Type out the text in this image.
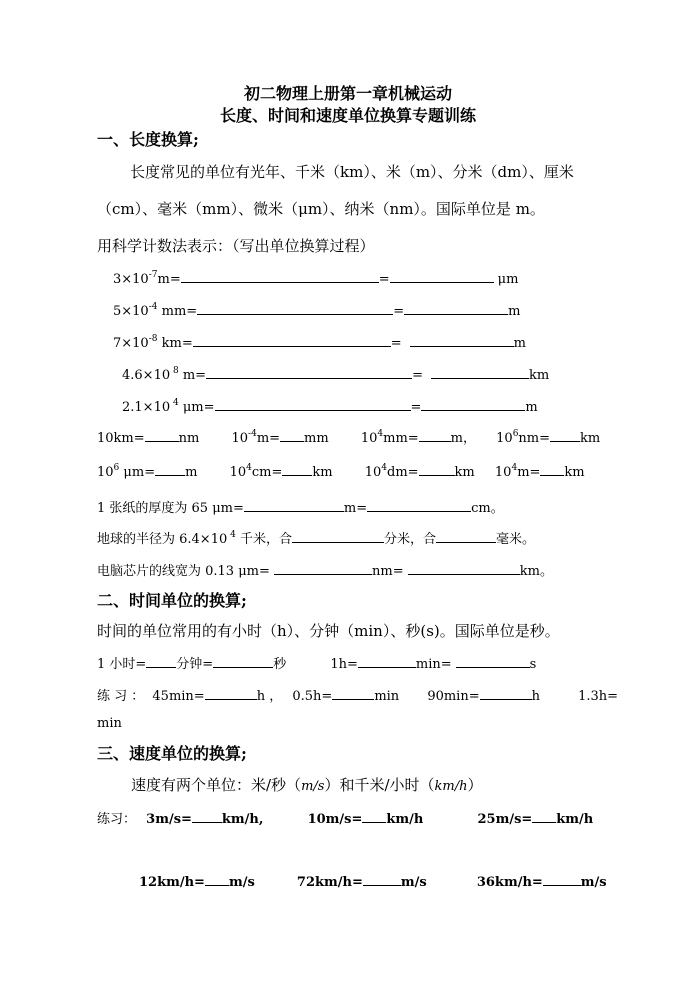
初二物理上册第一章机械运动
长度、时间和速度单位换算专题训练
一、长度换算;
长度常见的单位有光年、千米（km）、米（m）、分米（dm）、厘米
（cm）、毫米（mm）、微米（μm）、纳米（nm）。国际单位是 m。
用科学计数法表示：（写出单位换算过程）
$3\times 10^{-7}m=$	=	μm
$5\times 10^{-4}$ mm=	=	m
$7\times 10^{-8}$ km=	=	m
4.6×10 $^8$ m=	=	km
2.1×10 $^4$ μm=	=	m
10km=	nm $10^{-4}m=$ mm $10^4mm= m$， $10^6nm=$ km
$10^6$ μm= m $10^4cm=$ km $10^4dm=$	km $10^4m=$ km
1 张纸的厚度为 65 μm=	m=	cm。
地球的半径为 6.4×10 $^4$ 千米，合	分米，合	毫米。
电脑芯片的线宽为 0.13 μm=	nm=	km。
二、时间单位的换算;
时间的单位常用的有小时（h）、分钟（min）、秒(s)。国际单位是秒。
1 小时= 分钟=	秒	1h=	min=	s
练 习 ： 45min=	h ， 0.5h=	min 90min=	h	1.3h=
min
三、速度单位的换算;
速度有两个单位：米/秒（m/s）和千米/小时（km/h）
练习： 3m/s= km/h,	10m/s= km/h	25m/s= km/h
12km/h= m/s	72km/h=	m/s	36km/h=	m/s
